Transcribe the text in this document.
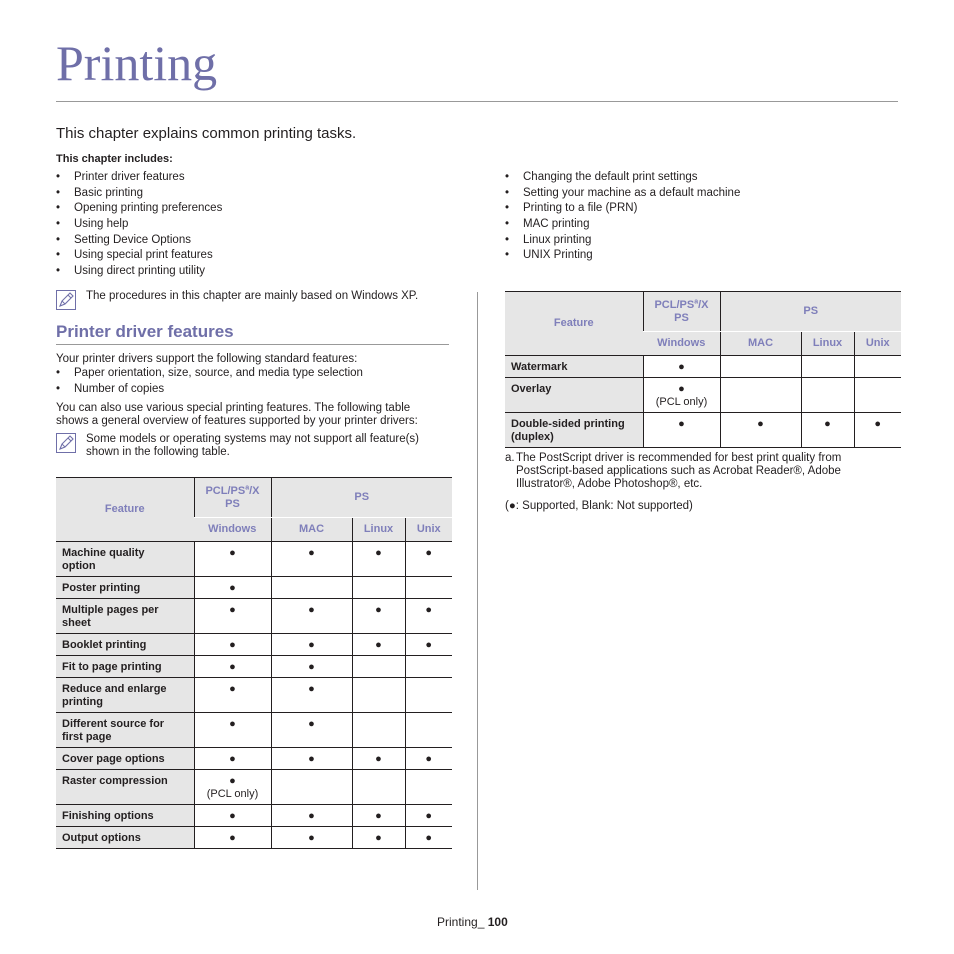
Printing
This chapter explains common printing tasks.
This chapter includes:
• Printer driver features
• Basic printing
• Opening printing preferences
• Using help
• Setting Device Options
• Using special print features
• Using direct printing utility
• Changing the default print settings
• Setting your machine as a default machine
• Printing to a file (PRN)
• MAC printing
• Linux printing
• UNIX Printing
The procedures in this chapter are mainly based on Windows XP.
Printer driver features
Your printer drivers support the following standard features:
• Paper orientation, size, source, and media type selection
• Number of copies
You can also use various special printing features. The following table
shows a general overview of features supported by your printer drivers:
Some models or operating systems may not support all feature(s)
shown in the following table.
Feature	PCL/$PS^a/X$
PS	PS		
	Windows	MAC	Linux	Unix

Machine quality
option	●	●	●	●

Poster printing	●			

Multiple pages per
sheet	●	●	●	●

Booklet printing	●	●	●	●

Fit to page printing	●	●		

Reduce and enlarge
printing	●	●		

Different source for
first page	●	●		

Cover page options	●	●	●	●

Raster compression	●
(PCL only)			

Finishing options	●	●	●	●

Output options	●	●	●	●
Feature	PCL/$PS^a/X$
PS	PS		
	Windows	MAC	Linux	Unix

Watermark	●			

Overlay	●
(PCL only)			

Double-sided printing
(duplex)	●	●	●	●
a. The PostScript driver is recommended for best print quality from
PostScript-based applications such as Acrobat Reader®, Adobe
Illustrator®, Adobe Photoshop®, etc.
(●: Supported, Blank: Not supported)
Printing_ 100
